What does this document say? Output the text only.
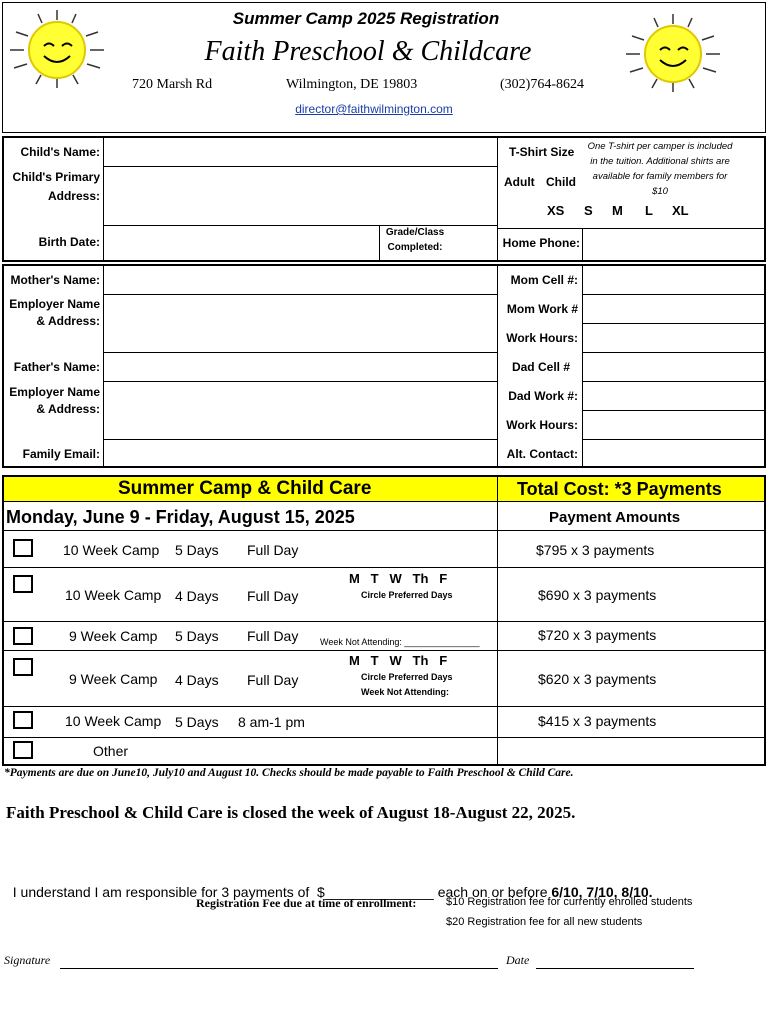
Summer Camp 2025 Registration
Faith Preschool & Childcare
720 Marsh Rd	Wilmington, DE 19803	(302)764-8624
director@faithwilmington.com
Child's Name:
Child's Primary
Address:
Birth Date:
Grade/Class
Completed:
T-Shirt Size	One T-shirt per camper is included in the tuition. Additional shirts are available for family members for $10
Adult Child
XS S M L XL
Home Phone:
Mother's Name:
Employer Name
& Address:
Father's Name:
Employer Name
& Address:
Family Email:
Mom Cell #:
Mom Work #
Work Hours:
Dad Cell #
Dad Work #:
Work Hours:
Alt. Contact:
Summer Camp & Child Care	Total Cost: *3 Payments
Monday, June 9 - Friday, August 15, 2025	Payment Amounts
10 Week Camp 5 Days Full Day	$795 x 3 payments
10 Week Camp 4 Days Full Day
M   T   W   Th   F
Circle Preferred Days	$690 x 3 payments
9 Week Camp 5 Days Full Day Week Not Attending: _______________	$720 x 3 payments
9 Week Camp 4 Days Full Day
M   T   W   Th   F
Circle Preferred Days
Week Not Attending:
$620 x 3 payments
10 Week Camp 5 Days 8 am-1 pm	$415 x 3 payments
Other
*Payments are due on June10, July10 and August 10. Checks should be made payable to Faith Preschool & Child Care.
Faith Preschool & Child Care is closed the week of August 18-August 22, 2025.

I understand I am responsible for 3 payments of  $______________ each on or before 6/10, 7/10, 8/10.

Registration Fee due at time of enrollment:	$10 Registration fee for currently enrolled students
$20 Registration fee for all new students
Signature	Date
